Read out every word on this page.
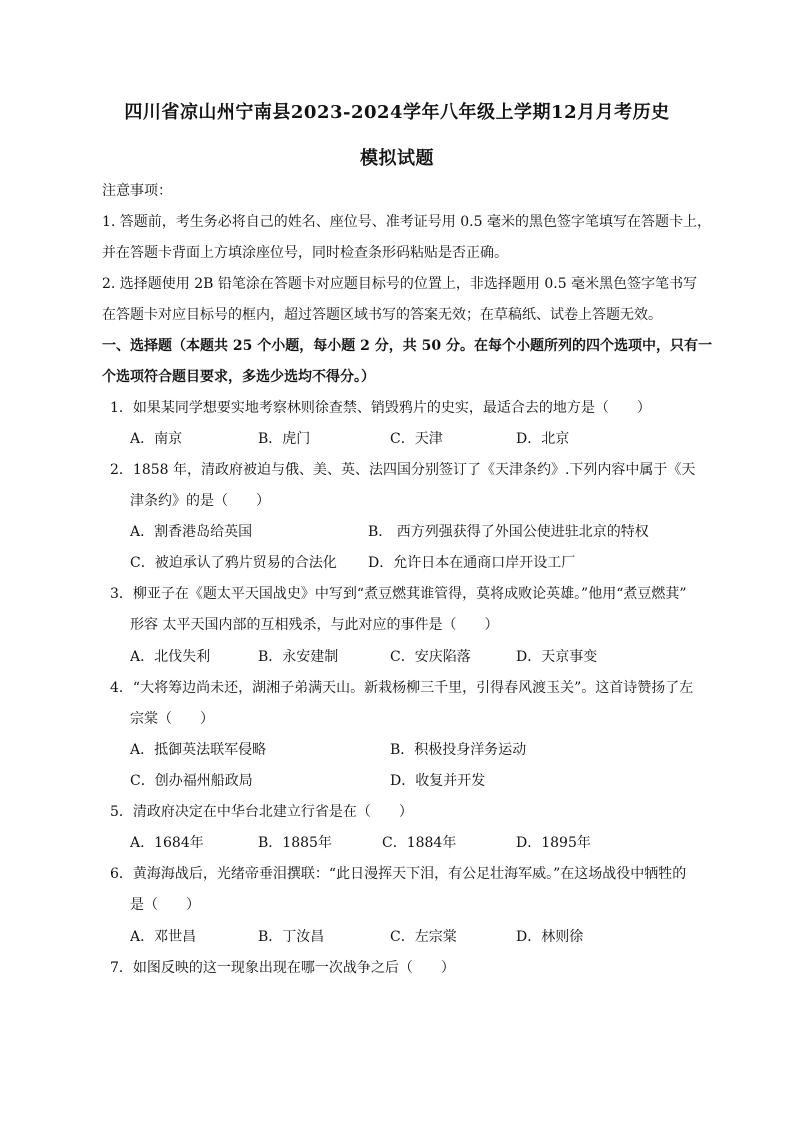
四川省凉山州宁南县2023-2024学年八年级上学期12月月考历史
模拟试题
注意事项：
1. 答题前，考生务必将自己的姓名、座位号、准考证号用 0.5 毫米的黑色签字笔填写在答题卡上，
并在答题卡背面上方填涂座位号，同时检查条形码粘贴是否正确。
2. 选择题使用 2B 铅笔涂在答题卡对应题目标号的位置上，非选择题用 0.5 毫米黑色签字笔书写
在答题卡对应目标号的框内，超过答题区域书写的答案无效；在草稿纸、试卷上答题无效。
一、选择题（本题共 25 个小题，每小题 2 分，共 50 分。在每个小题所列的四个选项中，只有一
个选项符合题目要求，多选少选均不得分。）
1．如果某同学想要实地考察林则徐查禁、销毁鸦片的史实，最适合去的地方是（　　）
A．南京	B．虎门	C．天津	D．北京
2．1858 年，清政府被迫与俄、美、英、法四国分别签订了《天津条约》.下列内容中属于《天
津条约》的是（　　）
A．割香港岛给英国	B． 西方列强获得了外国公使进驻北京的特权
C．被迫承认了鸦片贸易的合法化 D．允许日本在通商口岸开设工厂
3．柳亚子在《题太平天国战史》中写到“煮豆燃萁谁管得，莫将成败论英雄。”他用“煮豆燃萁”
形容 太平天国内部的互相残杀，与此对应的事件是（　　）
A．北伐失利	B．永安建制	C．安庆陷落	D．天京事变
4．“大将筹边尚未还，湖湘子弟满天山。新栽杨柳三千里，引得春风渡玉关”。这首诗赞扬了左
宗棠（　　）
A．抵御英法联军侵略	B．积极投身洋务运动
C．创办福州船政局	D．收复并开发
5．清政府决定在中华台北建立行省是在（　　）
A．1684年	B．1885年	C．1884年	D．1895年
6．黄海海战后，光绪帝垂泪撰联：“此日漫挥天下泪，有公足壮海军威。”在这场战役中牺牲的
是（　　）
A．邓世昌	B．丁汝昌	C．左宗棠	D．林则徐
7．如图反映的这一现象出现在哪一次战争之后（　　）
